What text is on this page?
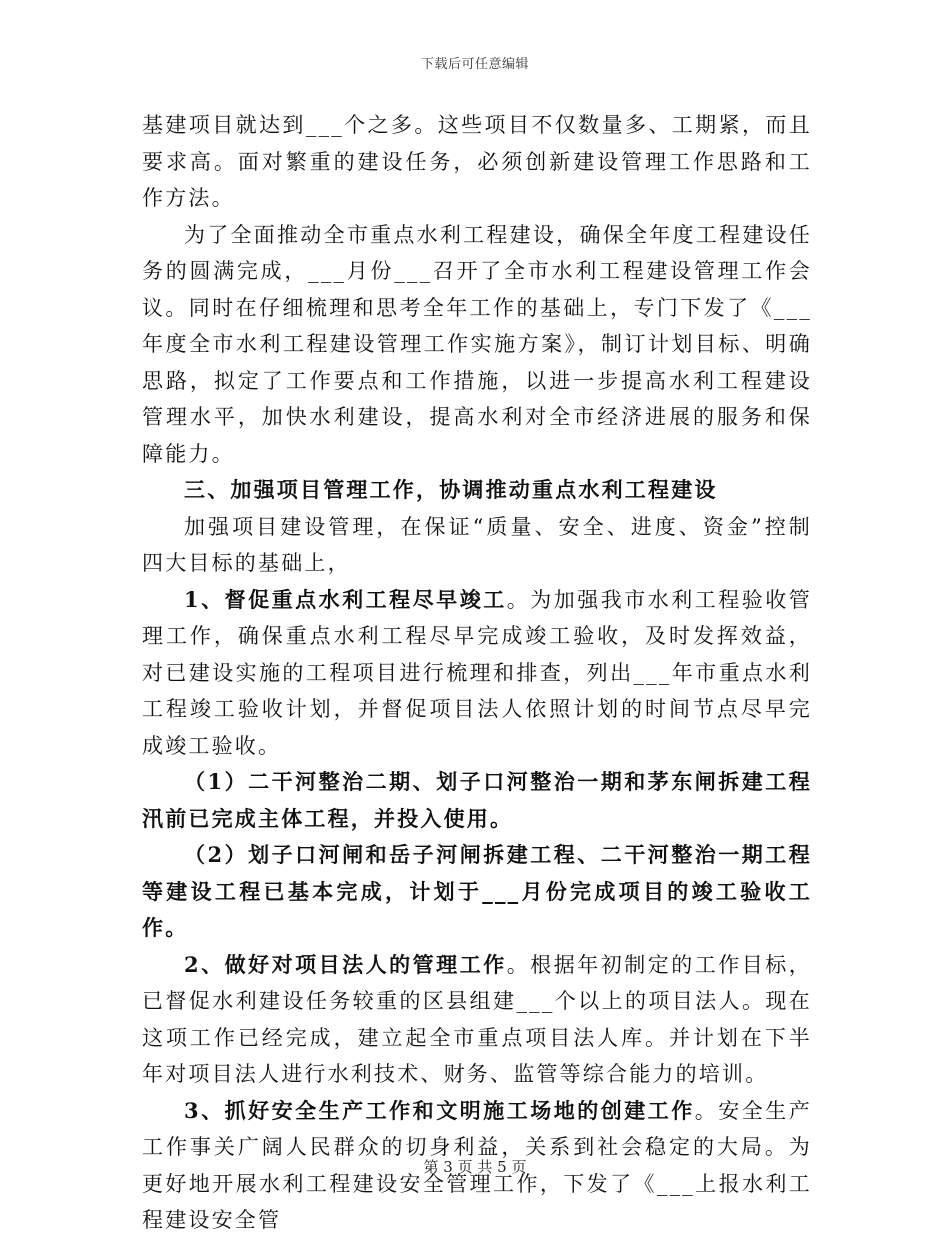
下载后可任意编辑

基建项目就达到___个之多。这些项目不仅数量多、工期紧，而且要求高。面对繁重的建设任务，必须创新建设管理工作思路和工作方法。

为了全面推动全市重点水利工程建设，确保全年度工程建设任务的圆满完成，___月份___召开了全市水利工程建设管理工作会议。同时在仔细梳理和思考全年工作的基础上，专门下发了《___年度全市水利工程建设管理工作实施方案》，制订计划目标、明确思路，拟定了工作要点和工作措施，以进一步提高水利工程建设管理水平，加快水利建设，提高水利对全市经济进展的服务和保障能力。

三、加强项目管理工作，协调推动重点水利工程建设

加强项目建设管理，在保证“质量、安全、进度、资金”控制四大目标的基础上，

1、督促重点水利工程尽早竣工。为加强我市水利工程验收管理工作，确保重点水利工程尽早完成竣工验收，及时发挥效益，对已建设实施的工程项目进行梳理和排查，列出___年市重点水利工程竣工验收计划，并督促项目法人依照计划的时间节点尽早完成竣工验收。

（1）二干河整治二期、划子口河整治一期和茅东闸拆建工程汛前已完成主体工程，并投入使用。

（2）划子口河闸和岳子河闸拆建工程、二干河整治一期工程等建设工程已基本完成，计划于___月份完成项目的竣工验收工作。

2、做好对项目法人的管理工作。根据年初制定的工作目标，已督促水利建设任务较重的区县组建___个以上的项目法人。现在这项工作已经完成，建立起全市重点项目法人库。并计划在下半年对项目法人进行水利技术、财务、监管等综合能力的培训。

3、抓好安全生产工作和文明施工场地的创建工作。安全生产工作事关广阔人民群众的切身利益，关系到社会稳定的大局。为更好地开展水利工程建设安全管理工作，下发了《___上报水利工程建设安全管

第 3 页 共 5 页
